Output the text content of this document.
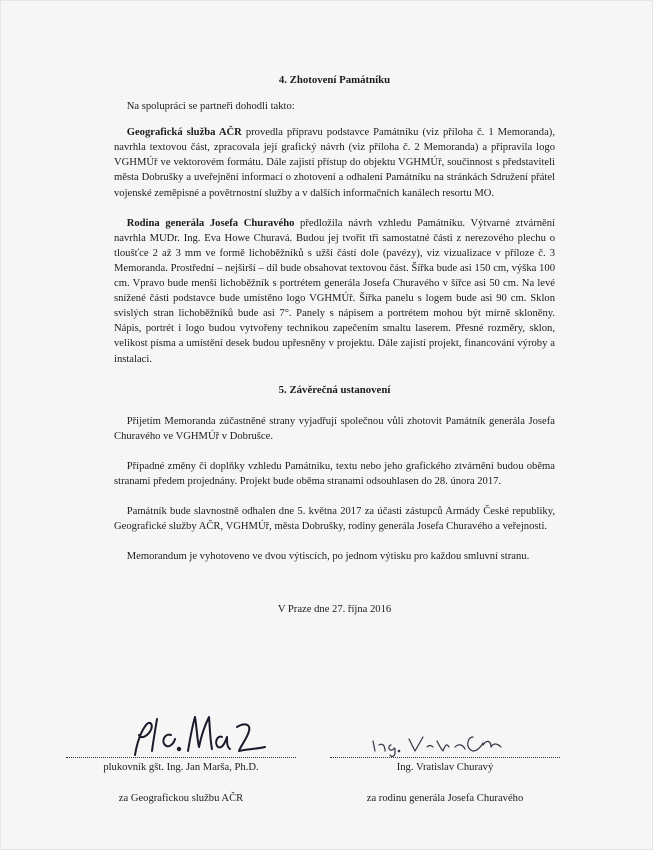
4. Zhotovení Památníku

Na spolupráci se partneři dohodli takto:

Geografická služba AČR provedla přípravu podstavce Památníku (viz příloha č. 1 Memoranda), navrhla textovou část, zpracovala její grafický návrh (viz příloha č. 2 Memoranda) a připravila logo VGHMÚř ve vektorovém formátu. Dále zajistí přístup do objektu VGHMÚř, součinnost s představiteli města Dobrušky a uveřejnění informací o zhotovení a odhalení Památníku na stránkách Sdružení přátel vojenské zeměpisné a povětrnostní služby a v dalších informačních kanálech resortu MO.

Rodina generála Josefa Churavého předložila návrh vzhledu Památníku. Výtvarné ztvárnění navrhla MUDr. Ing. Eva Howe Churavá. Budou jej tvořit tři samostatné části z nerezového plechu o tloušťce 2 až 3 mm ve formě lichoběžníků s užší částí dole (pavézy), viz vizualizace v příloze č. 3 Memoranda. Prostřední – nejširší – díl bude obsahovat textovou část. Šířka bude asi 150 cm, výška 100 cm. Vpravo bude menší lichoběžník s portrétem generála Josefa Churavého v šířce asi 50 cm. Na levé snížené části podstavce bude umístěno logo VGHMÚř. Šířka panelu s logem bude asi 90 cm. Sklon svislých stran lichoběžníků bude asi 7°. Panely s nápisem a portrétem mohou být mírně skloněny. Nápis, portrét i logo budou vytvořeny technikou zapečením smaltu laserem. Přesné rozměry, sklon, velikost písma a umístění desek budou upřesněny v projektu. Dále zajistí projekt, financování výroby a instalaci.

5. Závěrečná ustanovení

Přijetím Memoranda zúčastněné strany vyjadřují společnou vůli zhotovit Památník generála Josefa Churavého ve VGHMÚř v Dobrušce.

Případné změny či doplňky vzhledu Památníku, textu nebo jeho grafického ztvárnění budou oběma stranami předem projednány. Projekt bude oběma stranami odsouhlasen do 28. února 2017.

Památník bude slavnostně odhalen dne 5. května 2017 za účasti zástupců Armády České republiky, Geografické služby AČR, VGHMÚř, města Dobrušky, rodiny generála Josefa Churavého a veřejnosti.

Memorandum je vyhotoveno ve dvou výtiscích, po jednom výtisku pro každou smluvní stranu.

V Praze dne 27. října 2016

plukovník gšt. Ing. Jan Marša, Ph.D.
za Geografickou službu AČR
Ing. Vratislav Churavý
za rodinu generála Josefa Churavého
